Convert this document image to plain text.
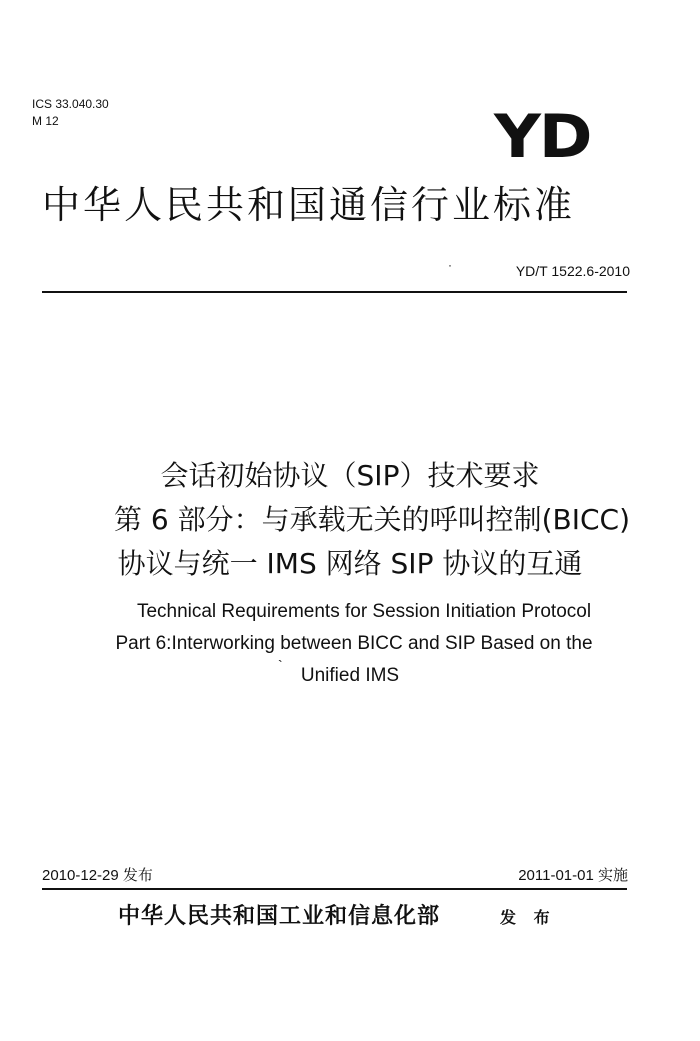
ICS 33.040.30
M 12	YD
中华人民共和国通信行业标准
·	YD/T 1522.6-2010
会话初始协议（SIP）技术要求
第 6 部分：与承载无关的呼叫控制(BICC)
协议与统一 IMS 网络 SIP 协议的互通
Technical Requirements for Session Initiation Protocol
Part 6:Interworking between BICC and SIP Based on the
` Unified IMS
2010-12-29 发布	2011-01-01 实施
中华人民共和国工业和信息化部	发 布
